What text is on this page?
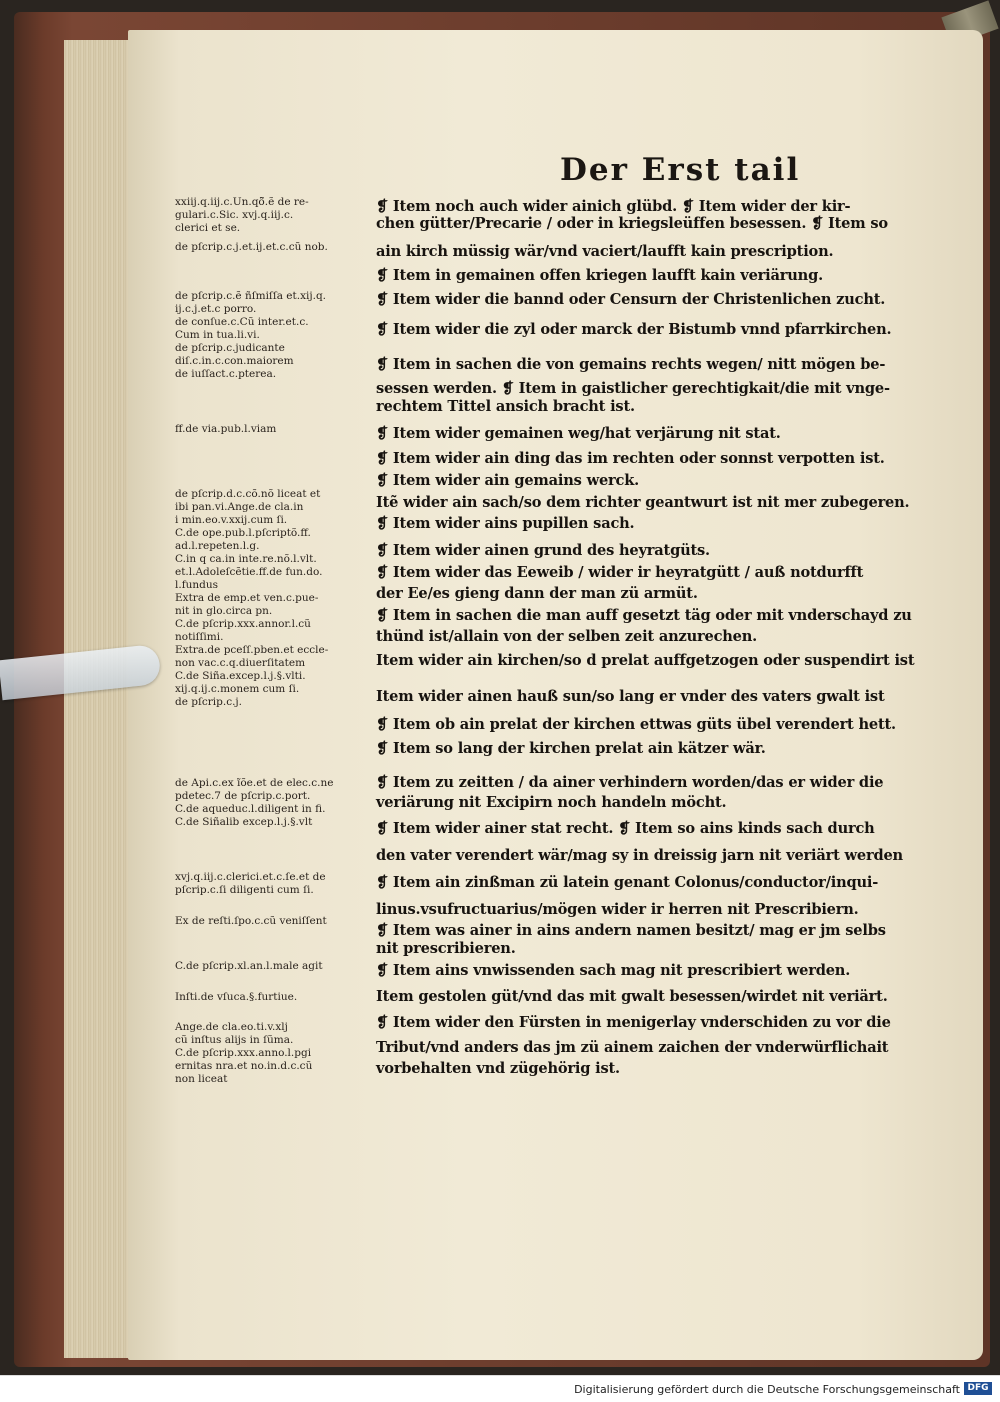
Der Erst tail
xxiij.q.iij.c.Un.qõ̃.ẽ de re-
gulari.c.Sic. xvj.q.iij.c.
clerici et se.
de pſcrip.c.j.et.ij.et.c.cũ nob.
de pſcrip.c.ẽ ñſmiſſa et.xij.q.
ij.c.j.et.c porro.
de conſue.c.Cũ inter.et.c.
Cum in tua.li.vi.
de pſcrip.c.judicante
diſ.c.in.c.con.maiorem
de iuſſact.c.pterea.
ff.de via.pub.l.viam
de pſcrip.d.c.cõ.nõ liceat et
ibi pan.vi.Ange.de cla.in
i min.eo.v.xxij.cum ſi.
C.de ope.pub.l.pſcriptõ.ff.
ad.l.repeten.l.g.
C.in q ca.in inte.re.nõ.l.vlt.
et.l.Adoleſcẽtie.ff.de fun.do.
l.fundus
Extra de emp.et ven.c.pue-
nit in glo.circa pn.
C.de pſcrip.xxx.annor.l.cũ
notiſſimi.
Extra.de pceſſ.pben.et eccle-
non vac.c.q.diuerſitatem
C.de Siña.excep.l.j.§.vlti.
xij.q.ij.c.monem cum ſi.
de pſcrip.c.j.
de Api.c.ex ĩõe.et de elec.c.ne
pdetec.7 de pſcrip.c.port.
C.de aqueduc.l.diligent in fi.
C.de Siñalib excep.l.j.§.vlt
xvj.q.iij.c.clerici.et.c.ſe.et de
pſcrip.c.ſi diligenti cum ſi.
Ex de reſti.ſpo.c.cũ veniſſent
C.de pſcrip.xl.an.l.male agit
Inſti.de vſuca.§.furtiue.
Ange.de cla.eo.ti.v.xlj
cũ inſtus alijs in ſũma.
C.de pſcrip.xxx.anno.l.pgi
ernitas nra.et no.in.d.c.cũ
non liceat
❡ Item noch auch wider ainich glübd. ❡ Item wider der kir-
chen gütter/Precarie / oder in kriegsleüffen besessen. ❡ Item so
ain kirch müssig wär/vnd vaciert/laufft kain prescription.
❡ Item in gemainen offen kriegen laufft kain veriärung.
❡ Item wider die bannd oder Censurn der Christenlichen zucht.
❡ Item wider die zyl oder marck der Bistumb vnnd pfarrkirchen.
❡ Item in sachen die von gemains rechts wegen/ nitt mögen be-
sessen werden. ❡ Item in gaistlicher gerechtigkait/die mit vnge-
rechtem Tittel ansich bracht ist.
❡ Item wider gemainen weg/hat verjärung nit stat.
❡ Item wider ain ding das im rechten oder sonnst verpotten ist.
❡ Item wider ain gemains werck.
Itẽ wider ain sach/so dem richter geantwurt ist nit mer zubegeren.
❡ Item wider ains pupillen sach.
❡ Item wider ainen grund des heyratgüts.
❡ Item wider das Eeweib / wider ir heyratgütt / auß notdurfft
der Ee/es gieng dann der man zü armüt.
❡ Item in sachen die man auff gesetzt täg oder mit vnderschayd zu
thünd ist/allain von der selben zeit anzurechen.
Item wider ain kirchen/so d prelat auffgetzogen oder suspendirt ist
Item wider ainen hauß sun/so lang er vnder des vaters gwalt ist
❡ Item ob ain prelat der kirchen ettwas güts übel verendert hett.
❡ Item so lang der kirchen prelat ain kätzer wär.
❡ Item zu zeitten / da ainer verhindern worden/das er wider die
veriärung nit Excipirn noch handeln möcht.
❡ Item wider ainer stat recht. ❡ Item so ains kinds sach durch
den vater verendert wär/mag sy in dreissig jarn nit veriärt werden
❡ Item ain zinßman zü latein genant Colonus/conductor/inqui-
linus.vsufructuarius/mögen wider ir herren nit Prescribiern.
❡ Item was ainer in ains andern namen besitzt/ mag er jm selbs
nit prescribieren.
❡ Item ains vnwissenden sach mag nit prescribiert werden.
Item gestolen güt/vnd das mit gwalt besessen/wirdet nit veriärt.
❡ Item wider den Fürsten in menigerlay vnderschiden zu vor die
Tribut/vnd anders das jm zü ainem zaichen der vnderwürflichait
vorbehalten vnd zügehörig ist.
Digitalisierung gefördert durch die Deutsche Forschungsgemeinschaft DFG
